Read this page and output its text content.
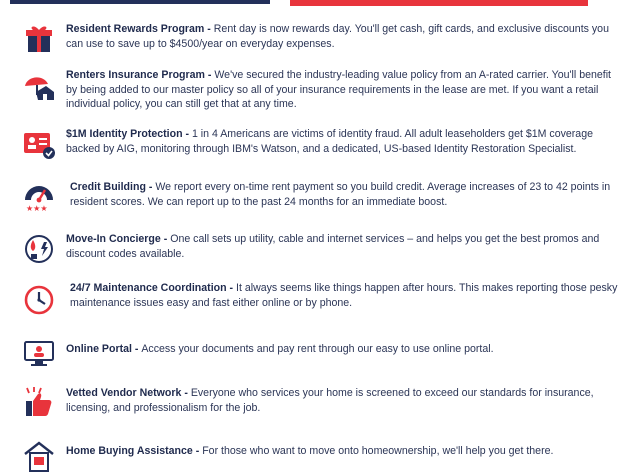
Resident Rewards Program - Rent day is now rewards day. You'll get cash, gift cards, and exclusive discounts you can use to save up to $4500/year on everyday expenses.
Renters Insurance Program - We've secured the industry-leading value policy from an A-rated carrier. You'll benefit by being added to our master policy so all of your insurance requirements in the lease are met. If you want a retail individual policy, you can still get that at any time.
$1M Identity Protection - 1 in 4 Americans are victims of identity fraud. All adult leaseholders get $1M coverage backed by AIG, monitoring through IBM's Watson, and a dedicated, US-based Identity Restoration Specialist.
★★★
Credit Building - We report every on-time rent payment so you build credit. Average increases of 23 to 42 points in resident scores. We can report up to the past 24 months for an immediate boost.
Move-In Concierge - One call sets up utility, cable and internet services – and helps you get the best promos and discount codes available.
24/7 Maintenance Coordination - It always seems like things happen after hours. This makes reporting those pesky maintenance issues easy and fast either online or by phone.
Online Portal - Access your documents and pay rent through our easy to use online portal.
Vetted Vendor Network - Everyone who services your home is screened to exceed our standards for insurance, licensing, and professionalism for the job.
Home Buying Assistance - For those who want to move onto homeownership, we'll help you get there.
